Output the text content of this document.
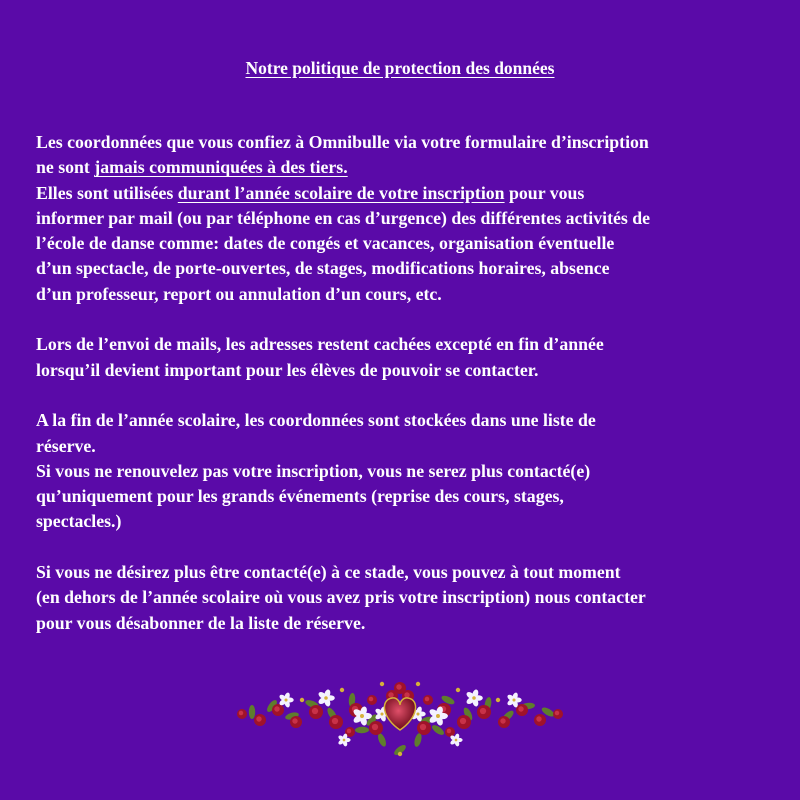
Notre politique de protection des données
Les coordonnées que vous confiez à Omnibulle via votre formulaire d’inscription
ne sont jamais communiquées à des tiers.
Elles sont utilisées durant l’année scolaire de votre inscription pour vous
informer par mail (ou par téléphone en cas d’urgence) des différentes activités de
l’école de danse comme: dates de congés et vacances, organisation éventuelle
d’un spectacle, de porte-ouvertes, de stages, modifications horaires, absence
d’un professeur, report ou annulation d’un cours, etc.
Lors de l’envoi de mails, les adresses restent cachées excepté en fin d’année
lorsqu’il devient important pour les élèves de pouvoir se contacter.
A la fin de l’année scolaire, les coordonnées sont stockées dans une liste de
réserve.
Si vous ne renouvelez pas votre inscription, vous ne serez plus contacté(e)
qu’uniquement pour les grands événements (reprise des cours, stages,
spectacles.)
Si vous ne désirez plus être contacté(e) à ce stade, vous pouvez à tout moment
(en dehors de l’année scolaire où vous avez pris votre inscription) nous contacter
pour vous désabonner de la liste de réserve.
